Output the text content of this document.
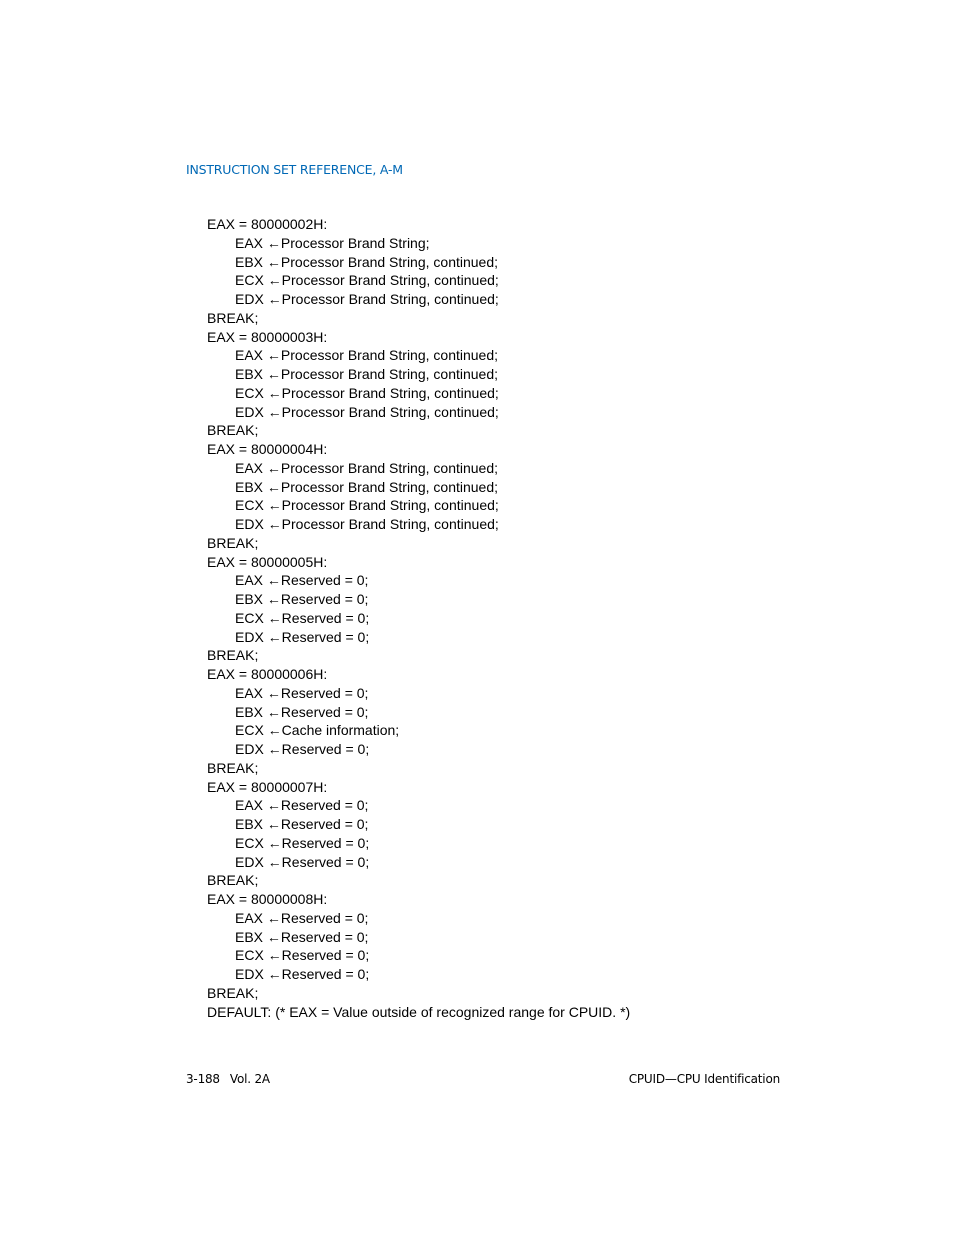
INSTRUCTION SET REFERENCE, A-M
EAX = 80000002H:
EAX ←Processor Brand String;
EBX ←Processor Brand String, continued;
ECX ←Processor Brand String, continued;
EDX ←Processor Brand String, continued;
BREAK;
EAX = 80000003H:
EAX ←Processor Brand String, continued;
EBX ←Processor Brand String, continued;
ECX ←Processor Brand String, continued;
EDX ←Processor Brand String, continued;
BREAK;
EAX = 80000004H:
EAX ←Processor Brand String, continued;
EBX ←Processor Brand String, continued;
ECX ←Processor Brand String, continued;
EDX ←Processor Brand String, continued;
BREAK;
EAX = 80000005H:
EAX ←Reserved = 0;
EBX ←Reserved = 0;
ECX ←Reserved = 0;
EDX ←Reserved = 0;
BREAK;
EAX = 80000006H:
EAX ←Reserved = 0;
EBX ←Reserved = 0;
ECX ←Cache information;
EDX ←Reserved = 0;
BREAK;
EAX = 80000007H:
EAX ←Reserved = 0;
EBX ←Reserved = 0;
ECX ←Reserved = 0;
EDX ←Reserved = 0;
BREAK;
EAX = 80000008H:
EAX ←Reserved = 0;
EBX ←Reserved = 0;
ECX ←Reserved = 0;
EDX ←Reserved = 0;
BREAK;
DEFAULT: (* EAX = Value outside of recognized range for CPUID. *)
3-188 Vol. 2A	CPUID—CPU Identification
